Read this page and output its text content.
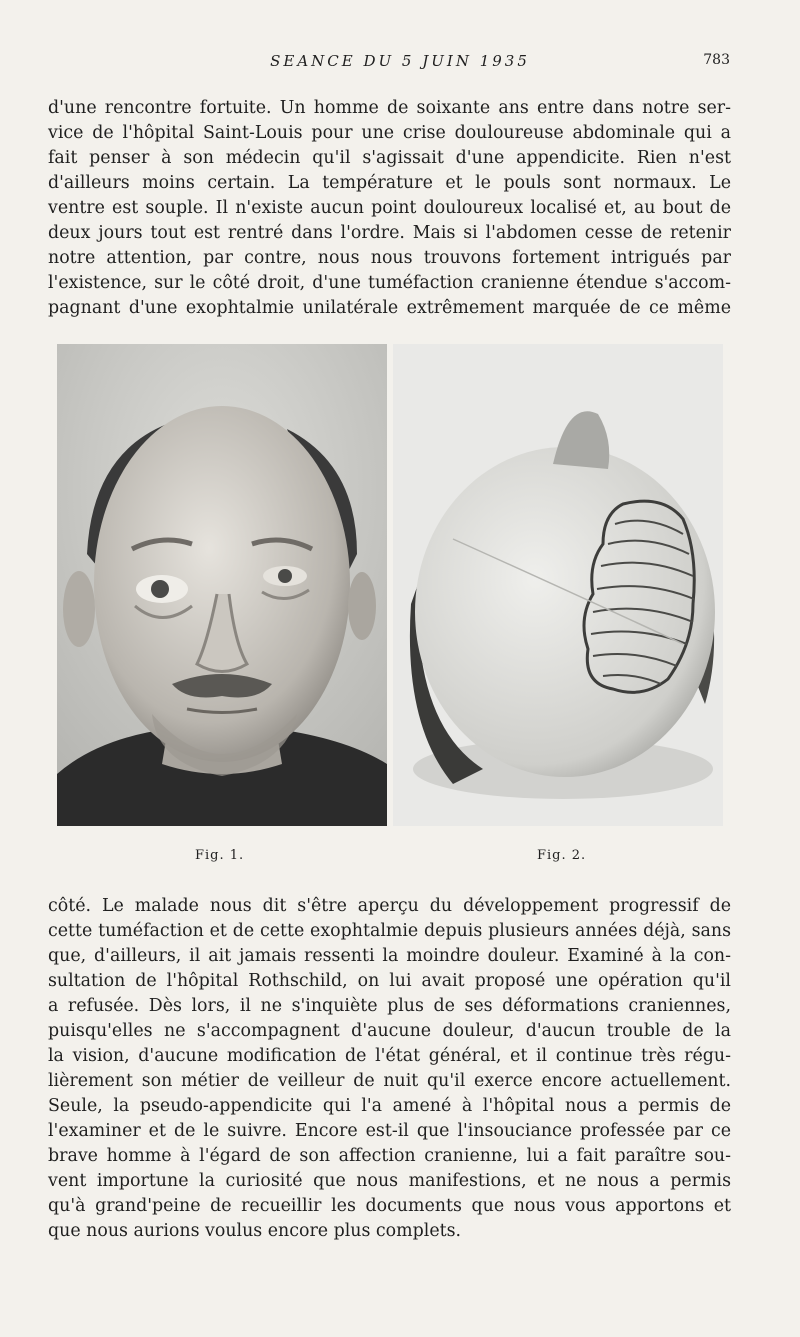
SEANCE DU 5 JUIN 1935	783
d'une rencontre fortuite. Un homme de soixante ans entre dans notre ser-
vice de l'hôpital Saint-Louis pour une crise douloureuse abdominale qui a
fait penser à son médecin qu'il s'agissait d'une appendicite. Rien n'est
d'ailleurs moins certain. La température et le pouls sont normaux. Le
ventre est souple. Il n'existe aucun point douloureux localisé et, au bout de
deux jours tout est rentré dans l'ordre. Mais si l'abdomen cesse de retenir
notre attention, par contre, nous nous trouvons fortement intrigués par
l'existence, sur le côté droit, d'une tuméfaction cranienne étendue s'accom-
pagnant d'une exophtalmie unilatérale extrêmement marquée de ce même
Fig. 1.	Fig. 2.
côté. Le malade nous dit s'être aperçu du développement progressif de
cette tuméfaction et de cette exophtalmie depuis plusieurs années déjà, sans
que, d'ailleurs, il ait jamais ressenti la moindre douleur. Examiné à la con-
sultation de l'hôpital Rothschild, on lui avait proposé une opération qu'il
a refusée. Dès lors, il ne s'inquiète plus de ses déformations craniennes,
puisqu'elles ne s'accompagnent d'aucune douleur, d'aucun trouble de la
la vision, d'aucune modification de l'état général, et il continue très régu-
lièrement son métier de veilleur de nuit qu'il exerce encore actuellement.
Seule, la pseudo-appendicite qui l'a amené à l'hôpital nous a permis de
l'examiner et de le suivre. Encore est-il que l'insouciance professée par ce
brave homme à l'égard de son affection cranienne, lui a fait paraître sou-
vent importune la curiosité que nous manifestions, et ne nous a permis
qu'à grand'peine de recueillir les documents que nous vous apportons et
que nous aurions voulus encore plus complets.
